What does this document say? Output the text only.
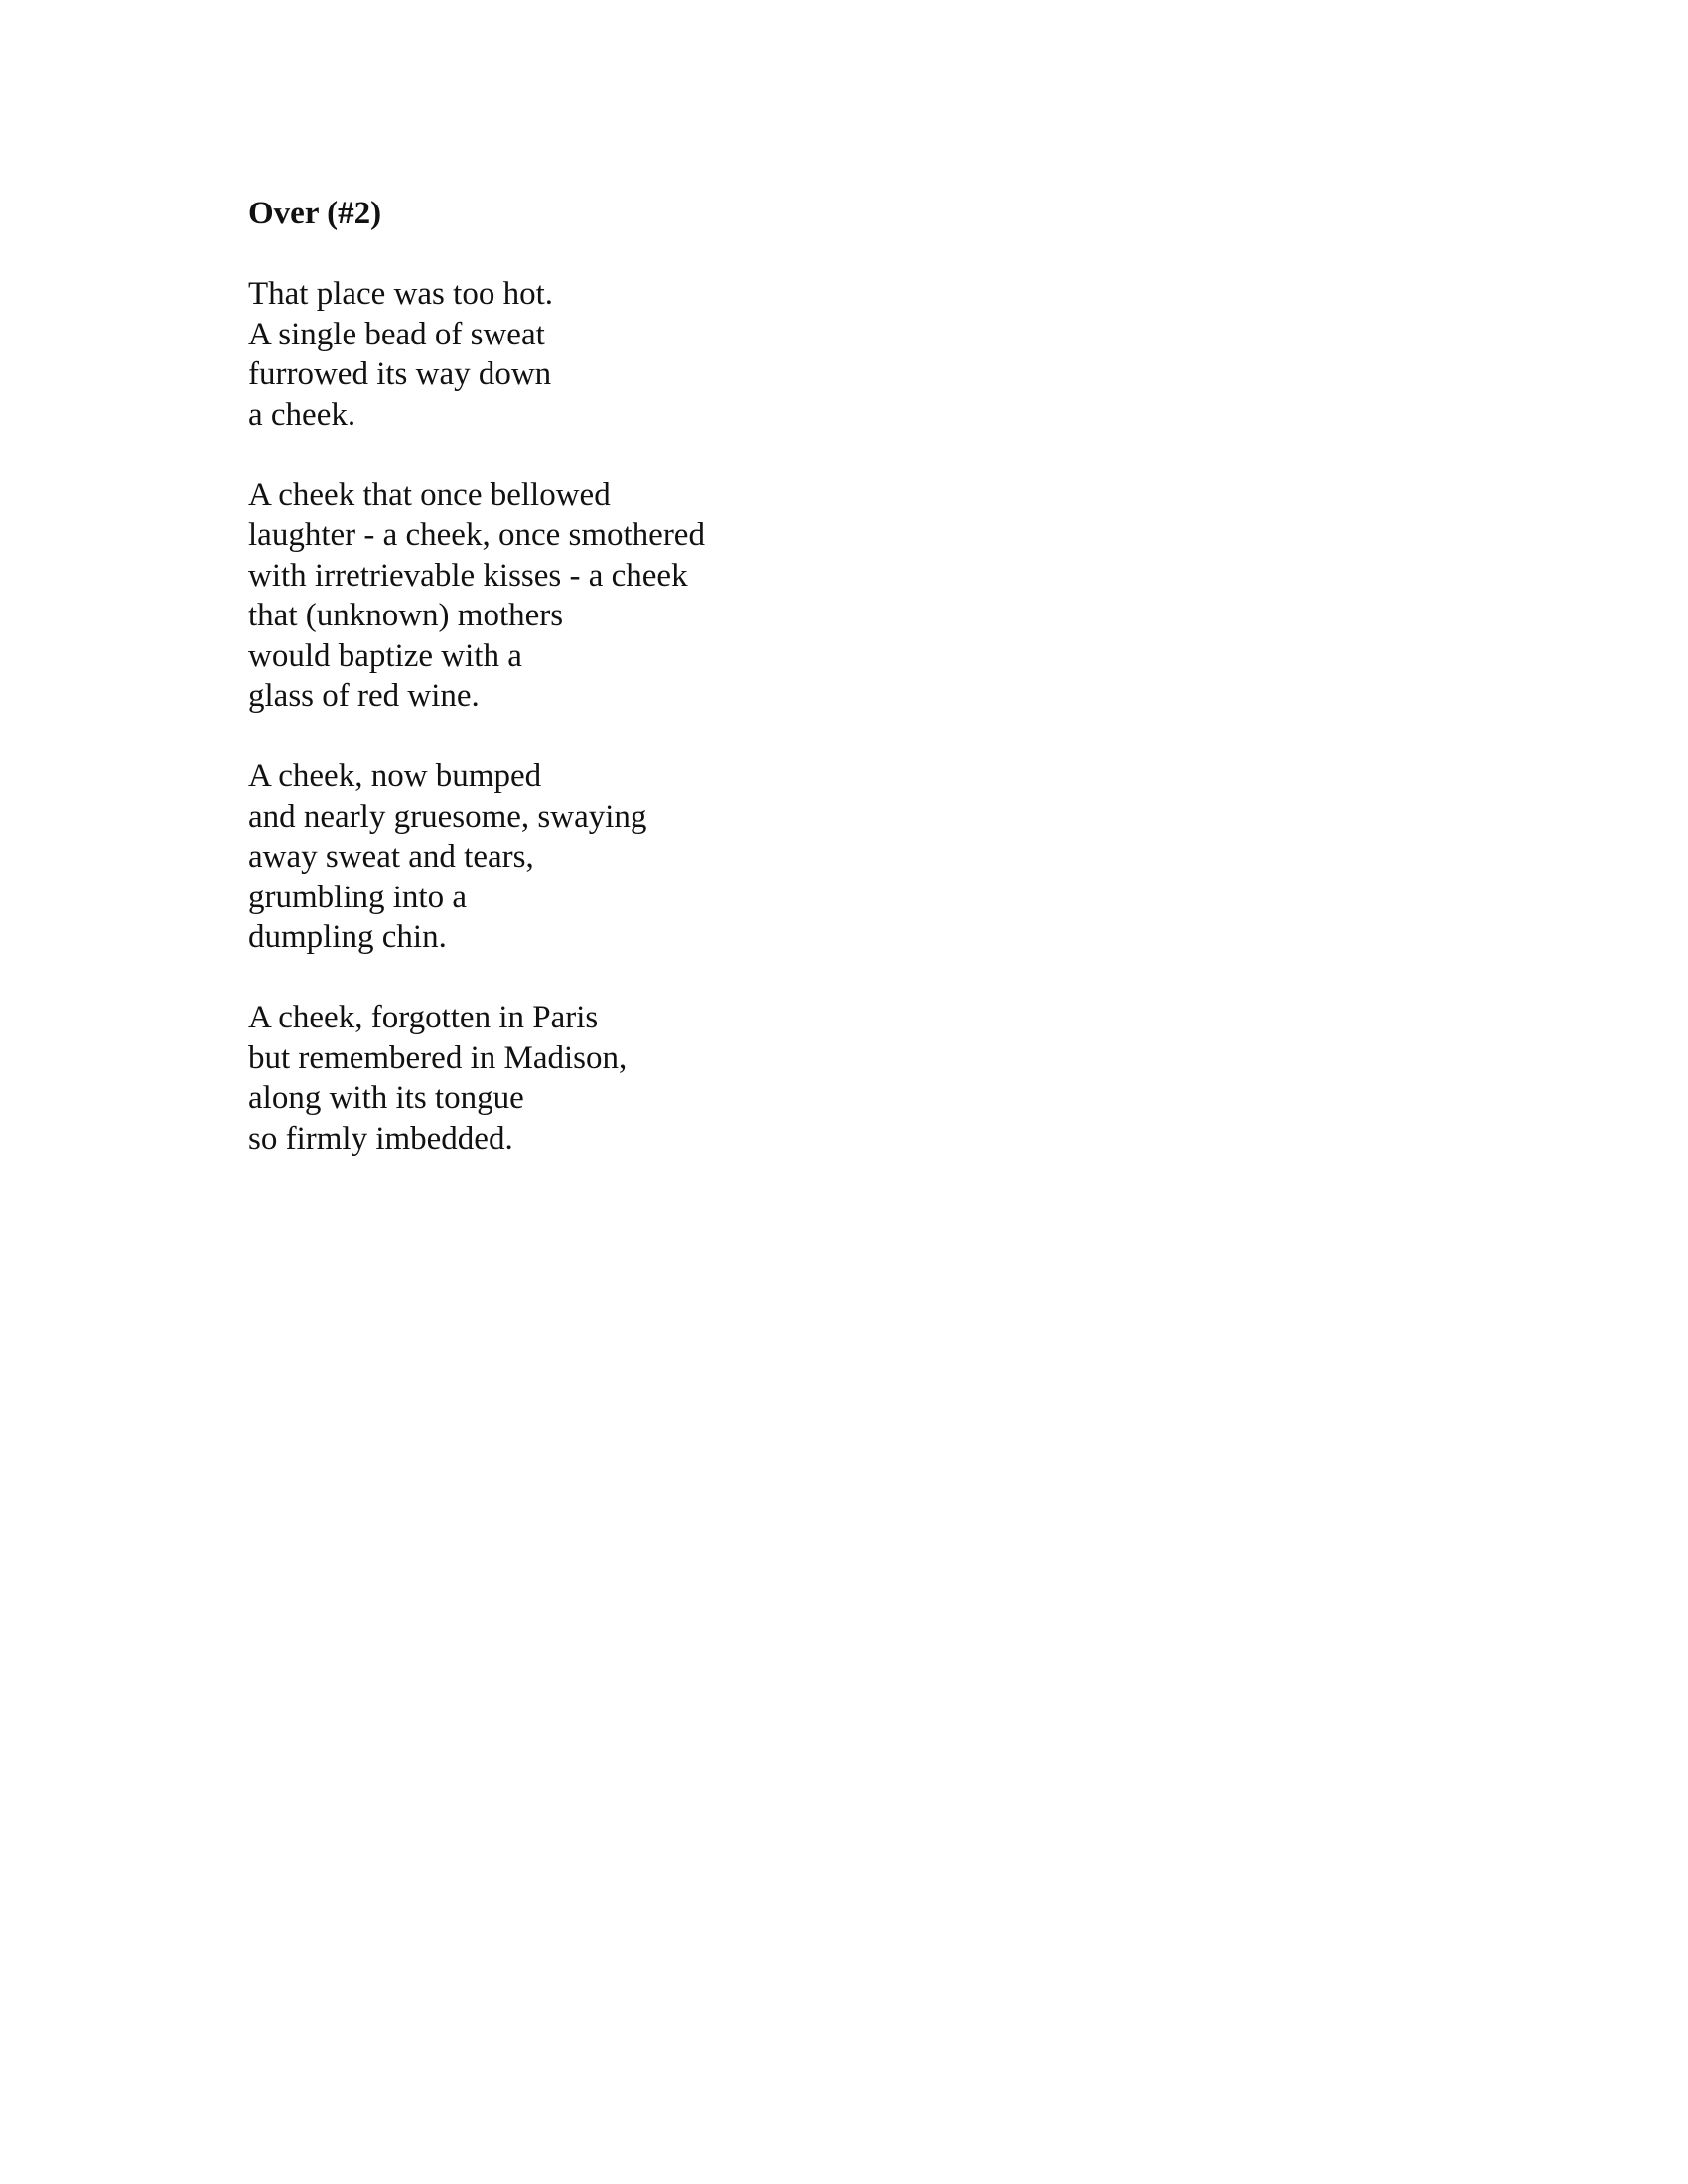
Over (#2)
That place was too hot.
A single bead of sweat
furrowed its way down
a cheek.
A cheek that once bellowed
laughter - a cheek, once smothered
with irretrievable kisses - a cheek
that (unknown) mothers
would baptize with a
glass of red wine.
A cheek, now bumped
and nearly gruesome, swaying
away sweat and tears,
grumbling into a
dumpling chin.
A cheek, forgotten in Paris
but remembered in Madison,
along with its tongue
so firmly imbedded.
